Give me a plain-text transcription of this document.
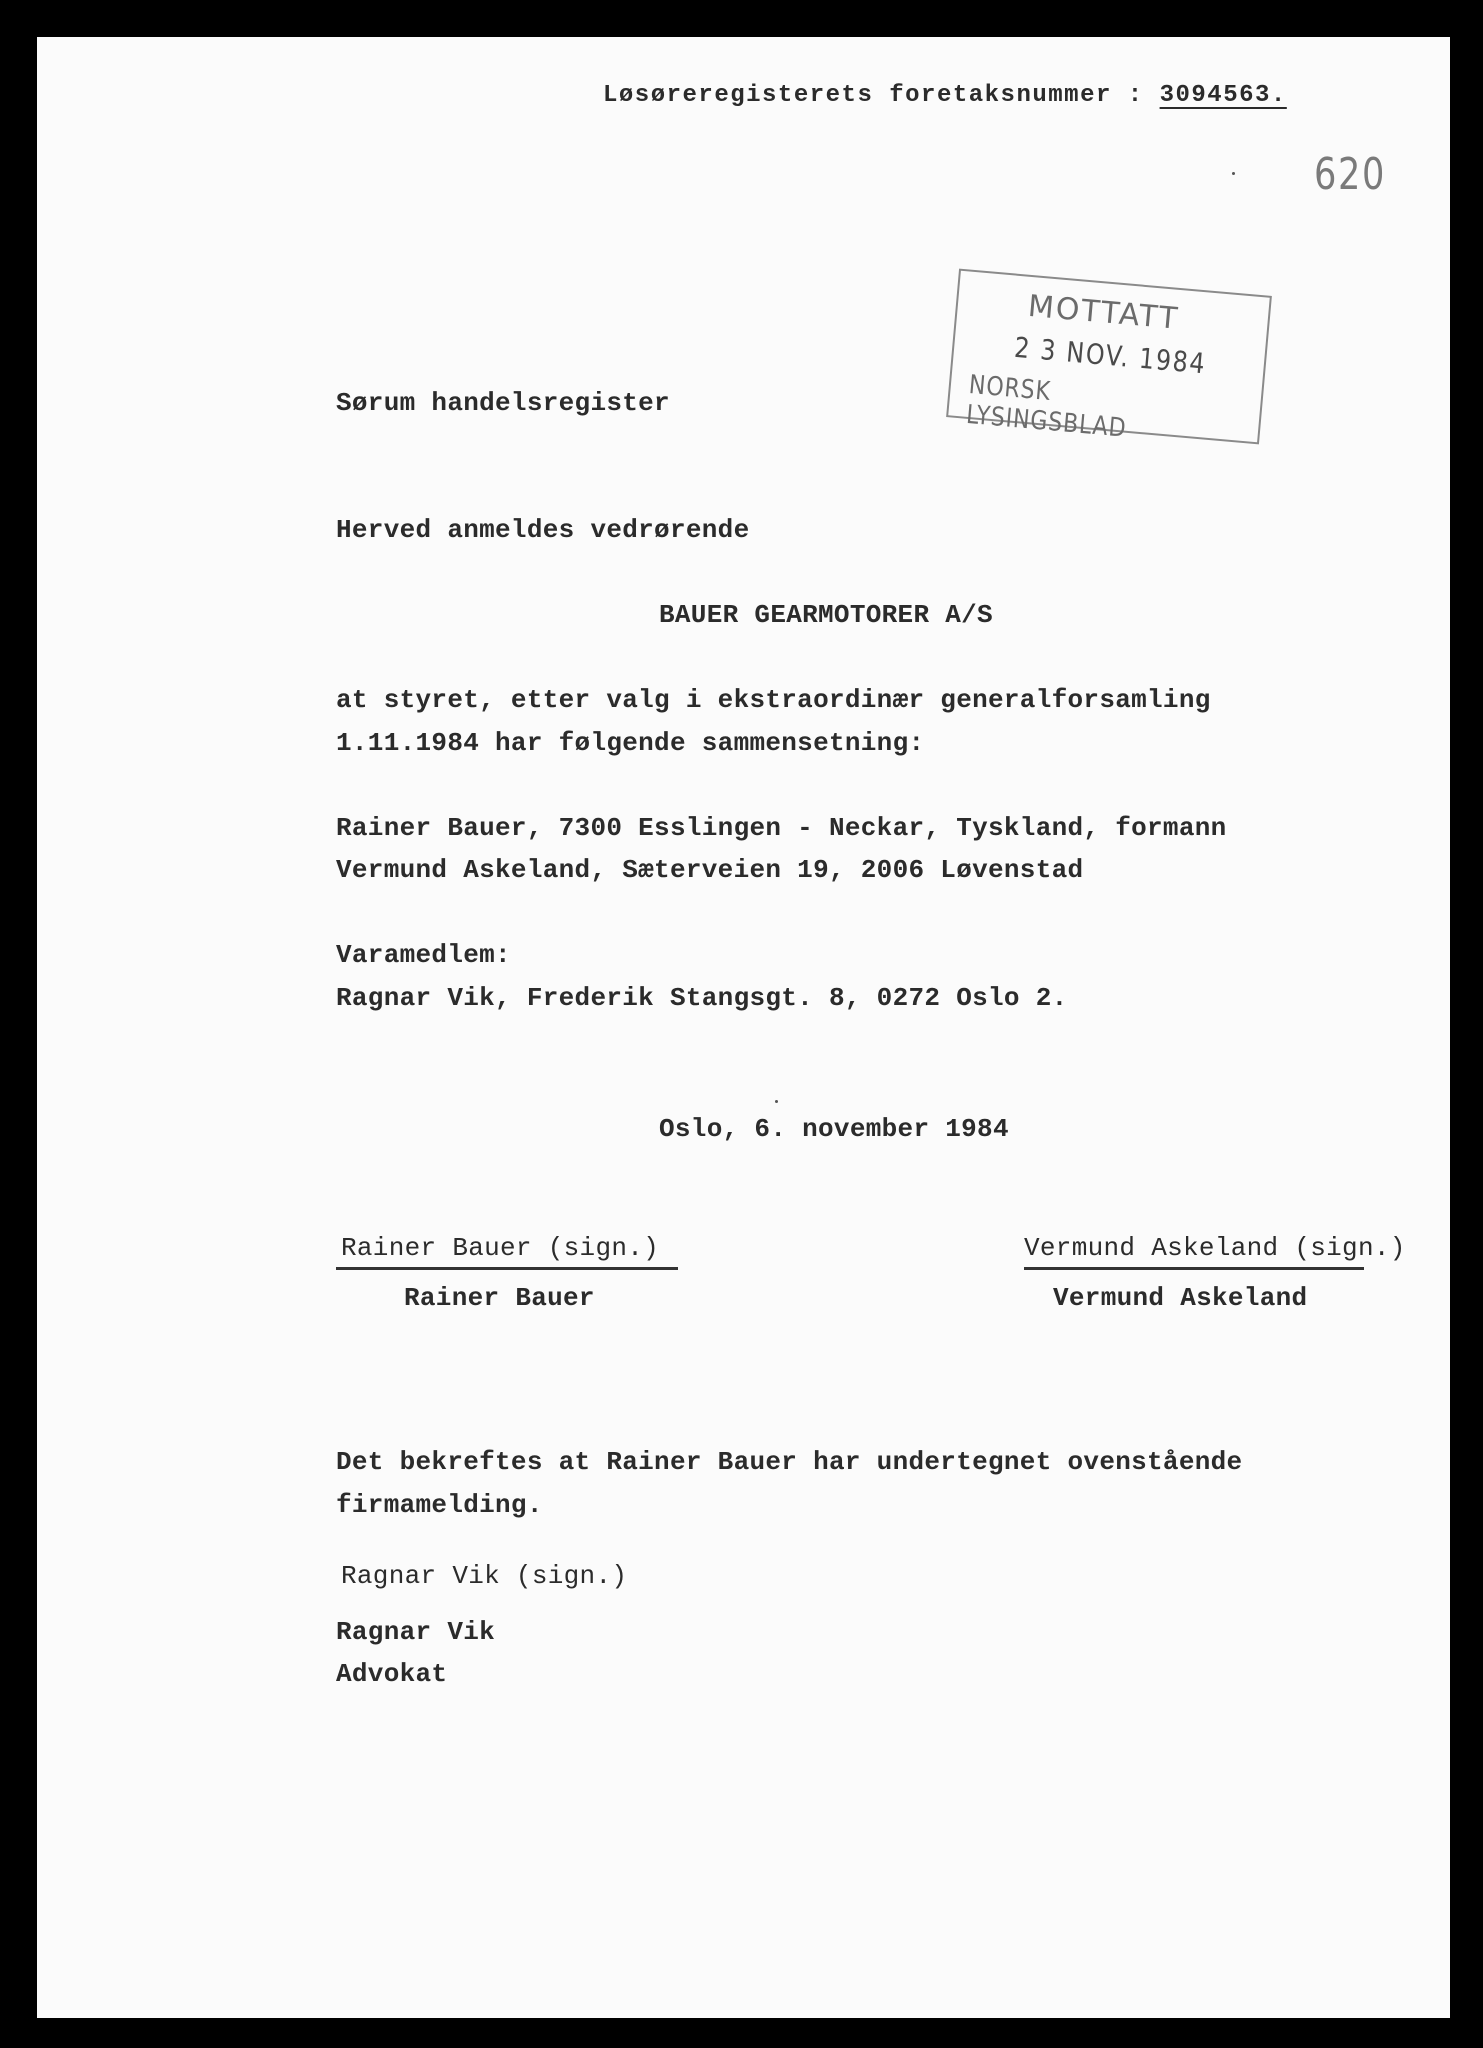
Løsøreregisterets foretaksnummer : 3094563.
620
MOTTATT
2 3 NOV. 1984
NORSK LYSINGSBLAD
Sørum handelsregister
Herved anmeldes vedrørende
BAUER GEARMOTORER A/S
at styret, etter valg i ekstraordinær generalforsamling
1.11.1984 har følgende sammensetning:
Rainer Bauer, 7300 Esslingen - Neckar, Tyskland, formann
Vermund Askeland, Sæterveien 19, 2006 Løvenstad
Varamedlem:
Ragnar Vik, Frederik Stangsgt. 8, 0272 Oslo 2.
Oslo, 6. november 1984
Rainer Bauer (sign.)
Rainer Bauer
Vermund Askeland (sign.)
Vermund Askeland
Det bekreftes at Rainer Bauer har undertegnet ovenstående
firmamelding.
Ragnar Vik (sign.)
Ragnar Vik
Advokat
